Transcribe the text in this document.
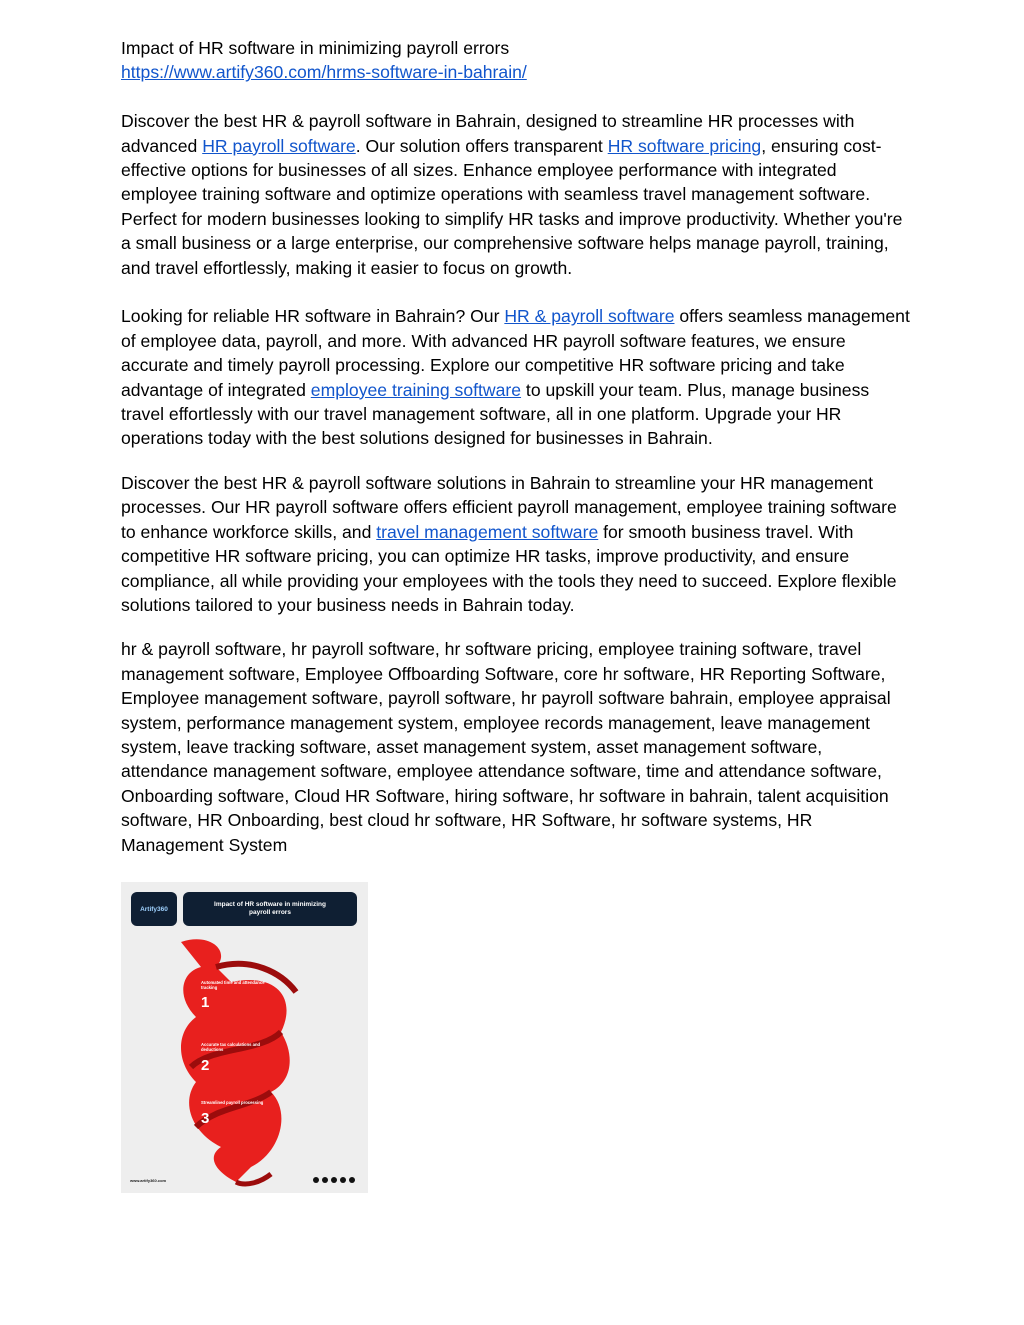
Impact of HR software in minimizing payroll errors

https://www.artify360.com/hrms-software-in-bahrain/

Discover the best HR & payroll software in Bahrain, designed to streamline HR processes with advanced HR payroll software. Our solution offers transparent HR software pricing, ensuring cost-effective options for businesses of all sizes. Enhance employee performance with integrated employee training software and optimize operations with seamless travel management software. Perfect for modern businesses looking to simplify HR tasks and improve productivity. Whether you're a small business or a large enterprise, our comprehensive software helps manage payroll, training, and travel effortlessly, making it easier to focus on growth.

Looking for reliable HR software in Bahrain? Our HR & payroll software offers seamless management of employee data, payroll, and more. With advanced HR payroll software features, we ensure accurate and timely payroll processing. Explore our competitive HR software pricing and take advantage of integrated employee training software to upskill your team. Plus, manage business travel effortlessly with our travel management software, all in one platform. Upgrade your HR operations today with the best solutions designed for businesses in Bahrain.

Discover the best HR & payroll software solutions in Bahrain to streamline your HR management processes. Our HR payroll software offers efficient payroll management, employee training software to enhance workforce skills, and travel management software for smooth business travel. With competitive HR software pricing, you can optimize HR tasks, improve productivity, and ensure compliance, all while providing your employees with the tools they need to succeed. Explore flexible solutions tailored to your business needs in Bahrain today.

hr & payroll software, hr payroll software, hr software pricing, employee training software, travel management software, Employee Offboarding Software, core hr software, HR Reporting Software, Employee management software, payroll software, hr payroll software bahrain, employee appraisal system, performance management system, employee records management, leave management system, leave tracking software, asset management system, asset management software, attendance management software, employee attendance software, time and attendance software, Onboarding software, Cloud HR Software, hiring software, hr software in bahrain, talent acquisition software, HR Onboarding, best cloud hr software, HR Software, hr software systems, HR Management System

Artify360
Impact of HR software in minimizing payroll errors
Automated time and attendance tracking
1
Accurate tax calculations and deductions
2
Streamlined payroll processing
3
www.artify360.com
